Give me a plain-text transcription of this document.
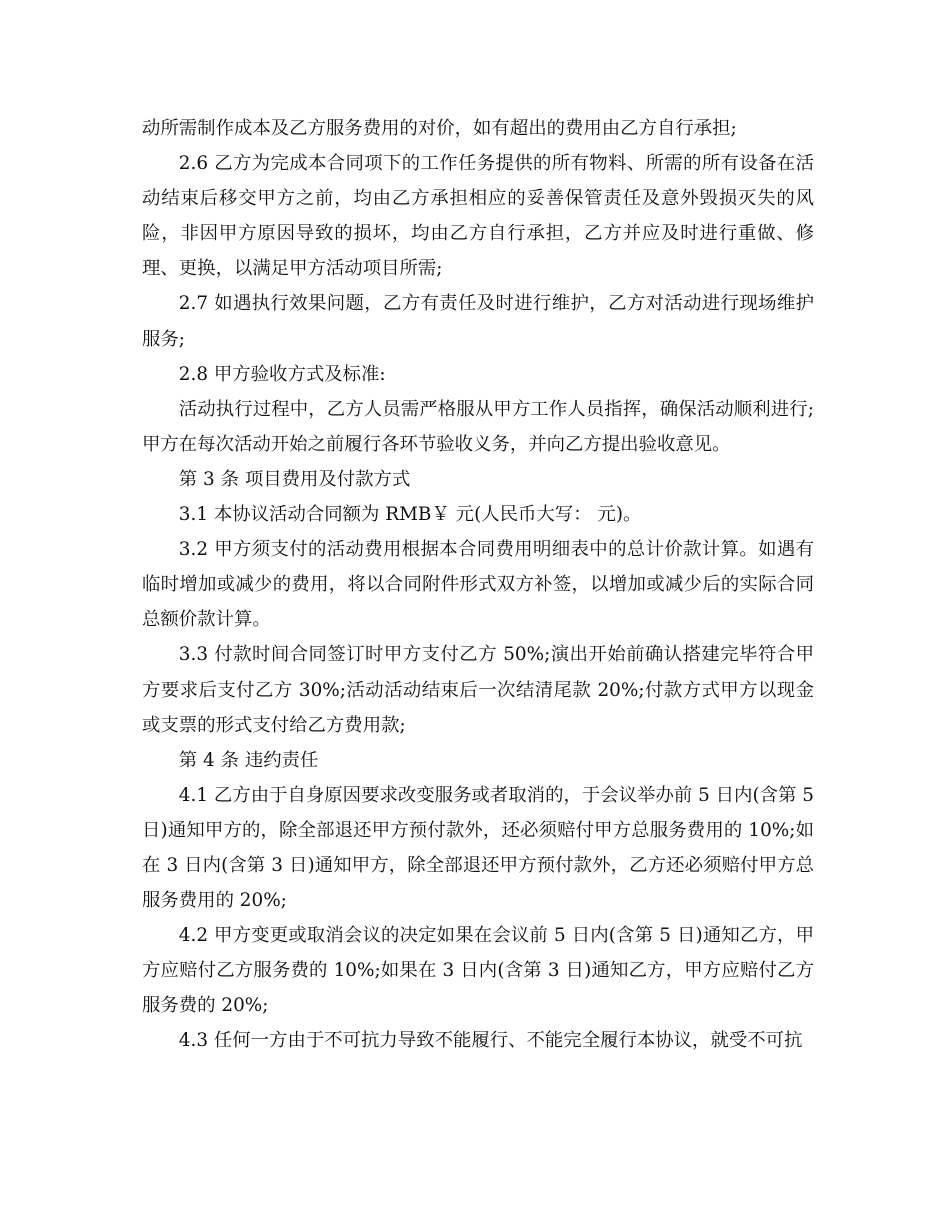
动所需制作成本及乙方服务费用的对价，如有超出的费用由乙方自行承担;

2.6 乙方为完成本合同项下的工作任务提供的所有物料、所需的所有设备在活动结束后移交甲方之前，均由乙方承担相应的妥善保管责任及意外毁损灭失的风险，非因甲方原因导致的损坏，均由乙方自行承担，乙方并应及时进行重做、修理、更换，以满足甲方活动项目所需;

2.7 如遇执行效果问题，乙方有责任及时进行维护，乙方对活动进行现场维护服务;

2.8 甲方验收方式及标准:

活动执行过程中，乙方人员需严格服从甲方工作人员指挥，确保活动顺利进行;甲方在每次活动开始之前履行各环节验收义务，并向乙方提出验收意见。

第 3 条 项目费用及付款方式

3.1 本协议活动合同额为 RMB￥ 元(人民币大写： 元)。

3.2 甲方须支付的活动费用根据本合同费用明细表中的总计价款计算。如遇有临时增加或减少的费用，将以合同附件形式双方补签，以增加或减少后的实际合同总额价款计算。

3.3 付款时间合同签订时甲方支付乙方 50%;演出开始前确认搭建完毕符合甲方要求后支付乙方 30%;活动活动结束后一次结清尾款 20%;付款方式甲方以现金或支票的形式支付给乙方费用款;

第 4 条 违约责任

4.1 乙方由于自身原因要求改变服务或者取消的，于会议举办前 5 日内(含第 5 日)通知甲方的，除全部退还甲方预付款外，还必须赔付甲方总服务费用的 10%;如在 3 日内(含第 3 日)通知甲方，除全部退还甲方预付款外，乙方还必须赔付甲方总服务费用的 20%;

4.2 甲方变更或取消会议的决定如果在会议前 5 日内(含第 5 日)通知乙方，甲方应赔付乙方服务费的 10%;如果在 3 日内(含第 3 日)通知乙方，甲方应赔付乙方服务费的 20%;

4.3 任何一方由于不可抗力导致不能履行、不能完全履行本协议，就受不可抗
